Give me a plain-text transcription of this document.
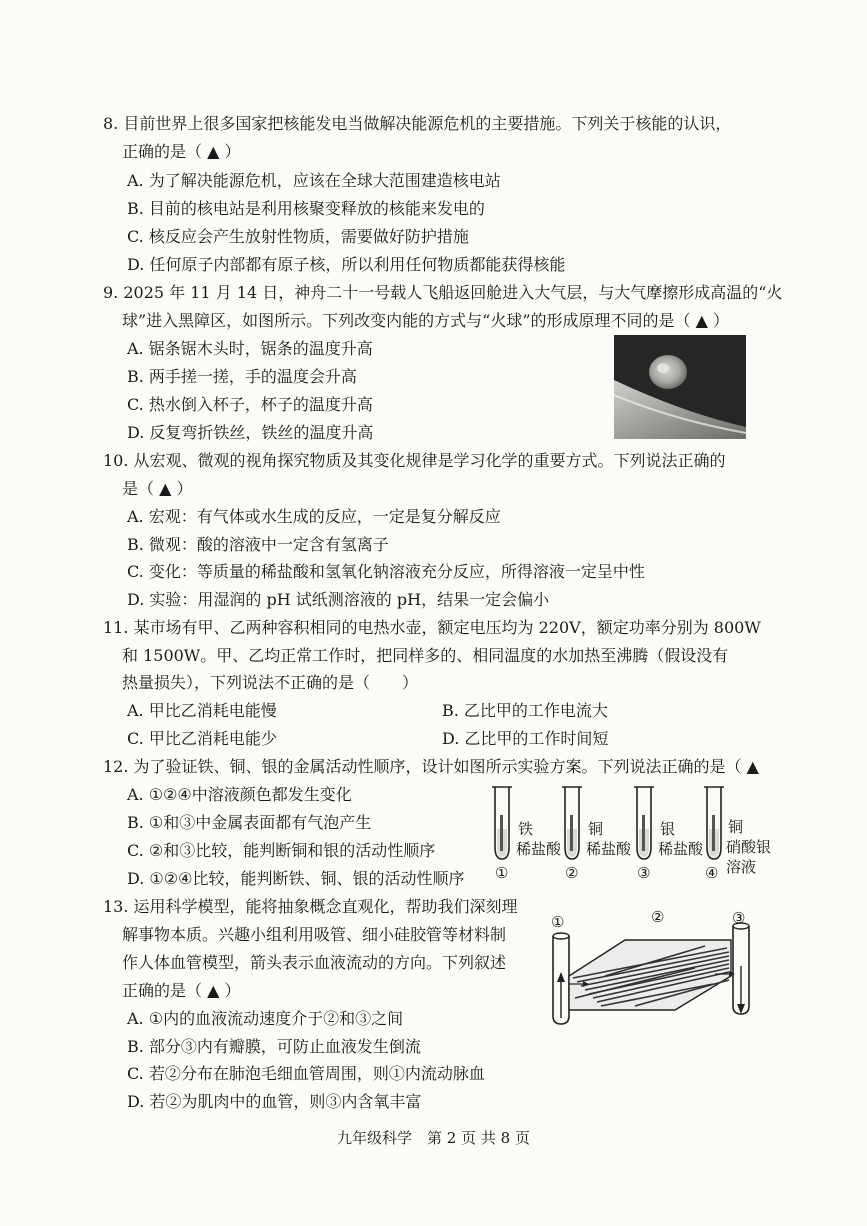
8. 目前世界上很多国家把核能发电当做解决能源危机的主要措施。下列关于核能的认识，
正确的是（ ▲ ）
A. 为了解决能源危机，应该在全球大范围建造核电站
B. 目前的核电站是利用核聚变释放的核能来发电的
C. 核反应会产生放射性物质，需要做好防护措施
D. 任何原子内部都有原子核，所以利用任何物质都能获得核能
9. 2025 年 11 月 14 日，神舟二十一号载人飞船返回舱进入大气层，与大气摩擦形成高温的“火
球”进入黑障区，如图所示。下列改变内能的方式与“火球”的形成原理不同的是（ ▲ ）
A. 锯条锯木头时，锯条的温度升高
B. 两手搓一搓，手的温度会升高
C. 热水倒入杯子，杯子的温度升高
D. 反复弯折铁丝，铁丝的温度升高
10. 从宏观、微观的视角探究物质及其变化规律是学习化学的重要方式。下列说法正确的
是（ ▲ ）
A. 宏观：有气体或水生成的反应，一定是复分解反应
B. 微观：酸的溶液中一定含有氢离子
C. 变化：等质量的稀盐酸和氢氧化钠溶液充分反应，所得溶液一定呈中性
D. 实验：用湿润的 pH 试纸测溶液的 pH，结果一定会偏小
11. 某市场有甲、乙两种容积相同的电热水壶，额定电压均为 220V，额定功率分别为 800W
和 1500W。甲、乙均正常工作时，把同样多的、相同温度的水加热至沸腾（假设没有
热量损失），下列说法不正确的是（　　）
A. 甲比乙消耗电能慢	B. 乙比甲的工作电流大
C. 甲比乙消耗电能少	D. 乙比甲的工作时间短
12. 为了验证铁、铜、银的金属活动性顺序，设计如图所示实验方案。下列说法正确的是（ ▲
A. ①②④中溶液颜色都发生变化
B. ①和③中金属表面都有气泡产生
C. ②和③比较，能判断铜和银的活动性顺序
D. ①②④比较，能判断铁、铜、银的活动性顺序
铁
稀盐酸
①
铜
稀盐酸
②
银
稀盐酸
③
铜
硝酸银
溶液
④
13. 运用科学模型，能将抽象概念直观化，帮助我们深刻理
解事物本质。兴趣小组利用吸管、细小硅胶管等材料制
作人体血管模型，箭头表示血液流动的方向。下列叙述
正确的是（ ▲ ）
A. ①内的血液流动速度介于②和③之间
B. 部分③内有瓣膜，可防止血液发生倒流
C. 若②分布在肺泡毛细血管周围，则①内流动脉血
D. 若②为肌肉中的血管，则③内含氧丰富
①	②	③
九年级科学　第 2 页 共 8 页
